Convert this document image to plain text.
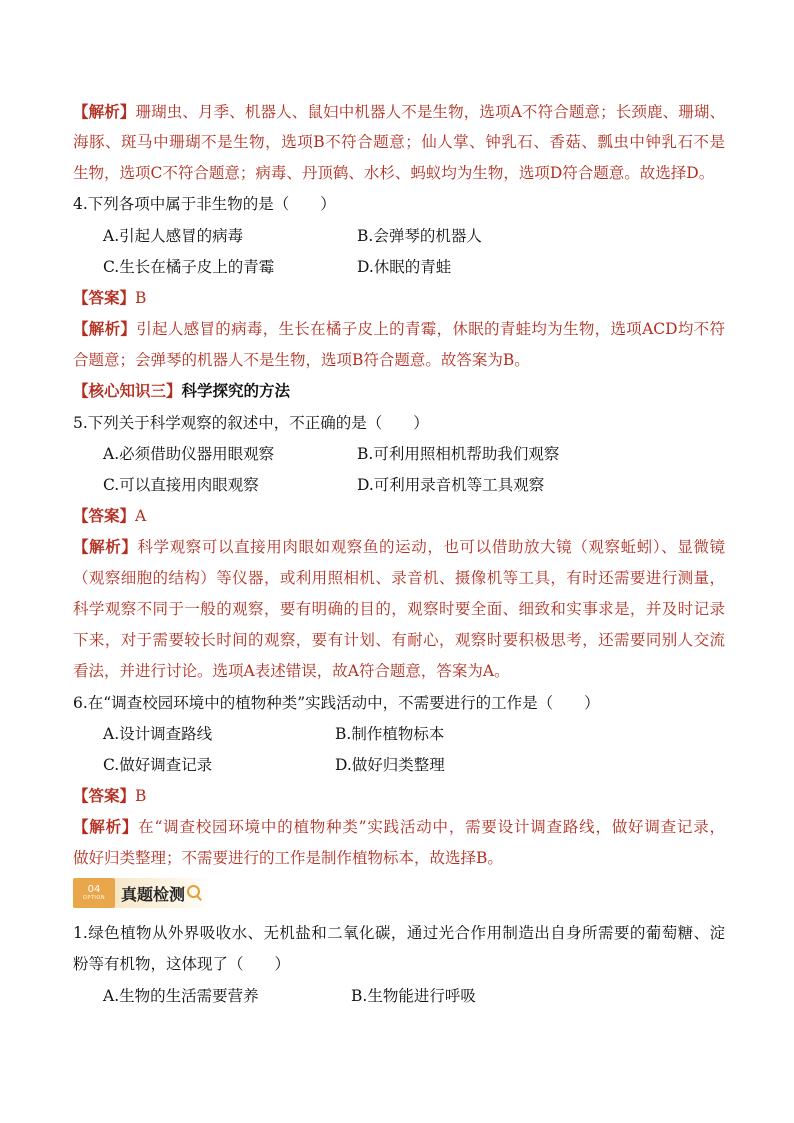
【解析】珊瑚虫、月季、机器人、鼠妇中机器人不是生物，选项A不符合题意；长颈鹿、珊瑚、
海豚、斑马中珊瑚不是生物，选项B不符合题意；仙人掌、钟乳石、香菇、瓢虫中钟乳石不是
生物，选项C不符合题意；病毒、丹顶鹤、水杉、蚂蚁均为生物，选项D符合题意。故选择D。
4.下列各项中属于非生物的是（　　）
A.引起人感冒的病毒	B.会弹琴的机器人
C.生长在橘子皮上的青霉	D.休眠的青蛙
【答案】B
【解析】引起人感冒的病毒，生长在橘子皮上的青霉，休眠的青蛙均为生物，选项ACD均不符
合题意；会弹琴的机器人不是生物，选项B符合题意。故答案为B。
【核心知识三】科学探究的方法
5.下列关于科学观察的叙述中，不正确的是（　　）
A.必须借助仪器用眼观察	B.可利用照相机帮助我们观察
C.可以直接用肉眼观察	D.可利用录音机等工具观察
【答案】A
【解析】科学观察可以直接用肉眼如观察鱼的运动，也可以借助放大镜（观察蚯蚓）、显微镜
（观察细胞的结构）等仪器，或利用照相机、录音机、摄像机等工具，有时还需要进行测量，
科学观察不同于一般的观察，要有明确的目的，观察时要全面、细致和实事求是，并及时记录
下来，对于需要较长时间的观察，要有计划、有耐心，观察时要积极思考，还需要同别人交流
看法，并进行讨论。选项A表述错误，故A符合题意，答案为A。
6.在“调查校园环境中的植物种类”实践活动中，不需要进行的工作是（　　）
A.设计调查路线	B.制作植物标本
C.做好调查记录	D.做好归类整理
【答案】B
【解析】在“调查校园环境中的植物种类”实践活动中，需要设计调查路线，做好调查记录，
做好归类整理；不需要进行的工作是制作植物标本，故选择B。
04
OPTION 真题检测
1.绿色植物从外界吸收水、无机盐和二氧化碳，通过光合作用制造出自身所需要的葡萄糖、淀
粉等有机物，这体现了（　　）
A.生物的生活需要营养	B.生物能进行呼吸
